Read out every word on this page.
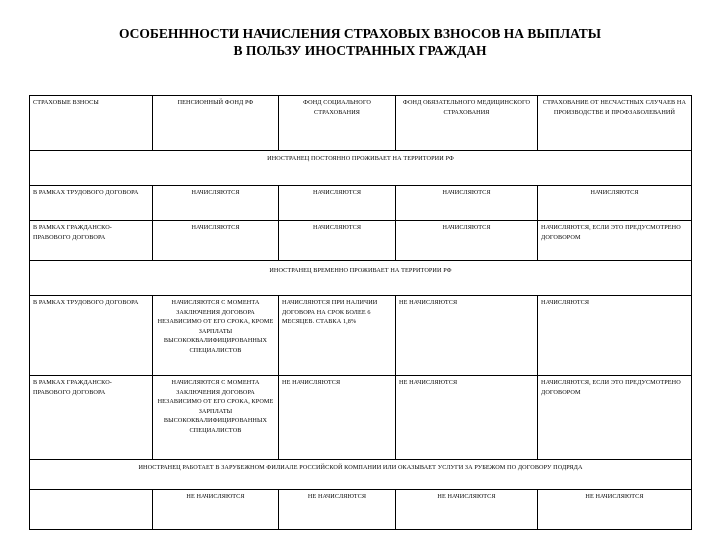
ОСОБЕНННОСТИ НАЧИСЛЕНИЯ СТРАХОВЫХ ВЗНОСОВ НА ВЫПЛАТЫ
В ПОЛЬЗУ ИНОСТРАННЫХ ГРАЖДАН
СТРАХОВЫЕ ВЗНОСЫ	ПЕНСИОННЫЙ ФОНД РФ	ФОНД СОЦИАЛЬНОГО СТРАХОВАНИЯ	ФОНД ОБЯЗАТЕЛЬНОГО МЕДИЦИНСКОГО СТРАХОВАНИЯ	СТРАХОВАНИЕ ОТ НЕСЧАСТНЫХ СЛУЧАЕВ НА ПРОИЗВОДСТВЕ И ПРОФЗАБОЛЕВАНИЙ
ИНОСТРАНЕЦ ПОСТОЯННО ПРОЖИВАЕТ НА ТЕРРИТОРИИ РФ				
В РАМКАХ ТРУДОВОГО ДОГОВОРА	НАЧИСЛЯЮТСЯ	НАЧИСЛЯЮТСЯ	НАЧИСЛЯЮТСЯ	НАЧИСЛЯЮТСЯ
В РАМКАХ ГРАЖДАНСКО-ПРАВОВОГО ДОГОВОРА	НАЧИСЛЯЮТСЯ	НАЧИСЛЯЮТСЯ	НАЧИСЛЯЮТСЯ	НАЧИСЛЯЮТСЯ, ЕСЛИ ЭТО ПРЕДУСМОТРЕНО ДОГОВОРОМ
ИНОСТРАНЕЦ ВРЕМЕННО ПРОЖИВАЕТ НА ТЕРРИТОРИИ РФ				
В РАМКАХ ТРУДОВОГО ДОГОВОРА	НАЧИСЛЯЮТСЯ С МОМЕНТА ЗАКЛЮЧЕНИЯ ДОГОВОРА НЕЗАВИСИМО ОТ ЕГО СРОКА, КРОМЕ ЗАРПЛАТЫ ВЫСОКОКВАЛИФИЦИРОВАННЫХ СПЕЦИАЛИСТОВ	НАЧИСЛЯЮТСЯ ПРИ НАЛИЧИИ ДОГОВОРА НА СРОК БОЛЕЕ 6 МЕСЯЦЕВ. СТАВКА 1,8%	НЕ НАЧИСЛЯЮТСЯ	НАЧИСЛЯЮТСЯ
В РАМКАХ ГРАЖДАНСКО-ПРАВОВОГО ДОГОВОРА	НАЧИСЛЯЮТСЯ С МОМЕНТА ЗАКЛЮЧЕНИЯ ДОГОВОРА НЕЗАВИСИМО ОТ ЕГО СРОКА, КРОМЕ ЗАРПЛАТЫ ВЫСОКОКВАЛИФИЦИРОВАННЫХ СПЕЦИАЛИСТОВ	НЕ НАЧИСЛЯЮТСЯ	НЕ НАЧИСЛЯЮТСЯ	НАЧИСЛЯЮТСЯ, ЕСЛИ ЭТО ПРЕДУСМОТРЕНО ДОГОВОРОМ
ИНОСТРАНЕЦ РАБОТАЕТ В ЗАРУБЕЖНОМ ФИЛИАЛЕ РОССИЙСКОЙ КОМПАНИИ ИЛИ ОКАЗЫВАЕТ УСЛУГИ ЗА РУБЕЖОМ ПО ДОГОВОРУ ПОДРЯДА				
	НЕ НАЧИСЛЯЮТСЯ	НЕ НАЧИСЛЯЮТСЯ	НЕ НАЧИСЛЯЮТСЯ	НЕ НАЧИСЛЯЮТСЯ
